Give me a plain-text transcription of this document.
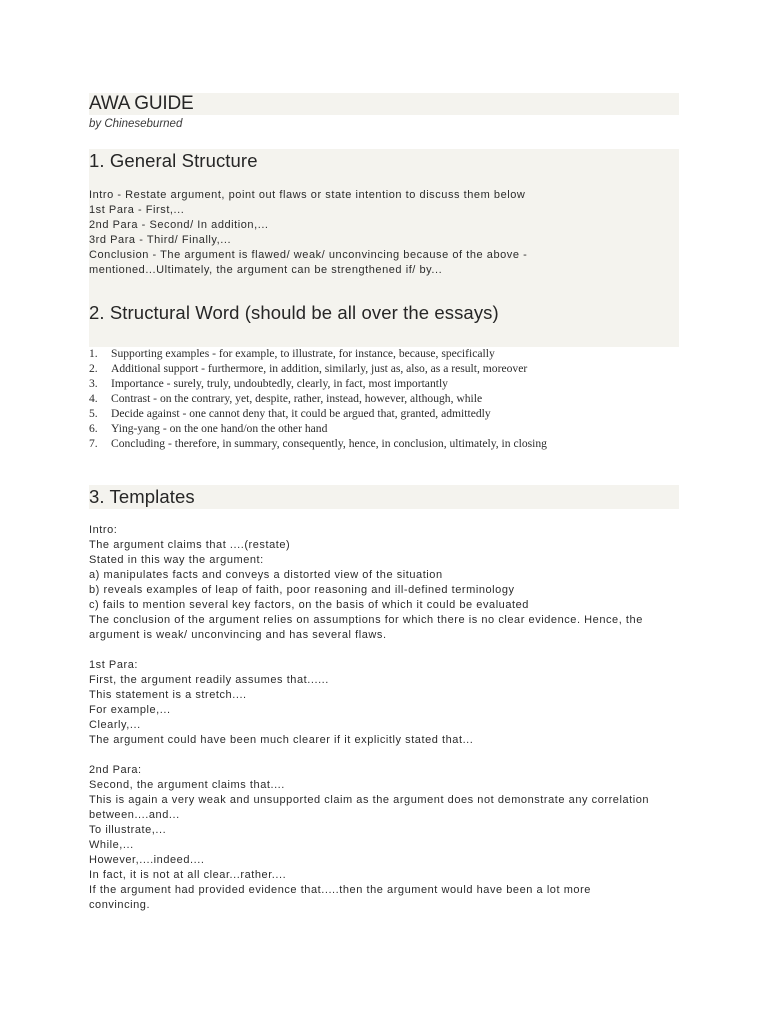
AWA GUIDE
by Chineseburned
1. General Structure
Intro - Restate argument, point out flaws or state intention to discuss them below
1st Para - First,...
2nd Para - Second/ In addition,...
3rd Para - Third/ Finally,...
Conclusion - The argument is flawed/ weak/ unconvincing because of the above -
mentioned...Ultimately, the argument can be strengthened if/ by...
2. Structural Word (should be all over the essays)
1.	Supporting examples - for example, to illustrate, for instance, because, specifically
2.	Additional support - furthermore, in addition, similarly, just as, also, as a result, moreover
3.	Importance - surely, truly, undoubtedly, clearly, in fact, most importantly
4.	Contrast - on the contrary, yet, despite, rather, instead, however, although, while
5.	Decide against - one cannot deny that, it could be argued that, granted, admittedly
6.	Ying-yang - on the one hand/on the other hand
7.	Concluding - therefore, in summary, consequently, hence, in conclusion, ultimately, in closing
3. Templates
Intro:
The argument claims that ....(restate)
Stated in this way the argument:
a) manipulates facts and conveys a distorted view of the situation
b) reveals examples of leap of faith, poor reasoning and ill-defined terminology
c) fails to mention several key factors, on the basis of which it could be evaluated
The conclusion of the argument relies on assumptions for which there is no clear evidence. Hence, the
argument is weak/ unconvincing and has several flaws.
1st Para:
First, the argument readily assumes that......
This statement is a stretch....
For example,...
Clearly,...
The argument could have been much clearer if it explicitly stated that...
2nd Para:
Second, the argument claims that....
This is again a very weak and unsupported claim as the argument does not demonstrate any correlation
between....and...
To illustrate,...
While,...
However,....indeed....
In fact, it is not at all clear...rather....
If the argument had provided evidence that.....then the argument would have been a lot more
convincing.
